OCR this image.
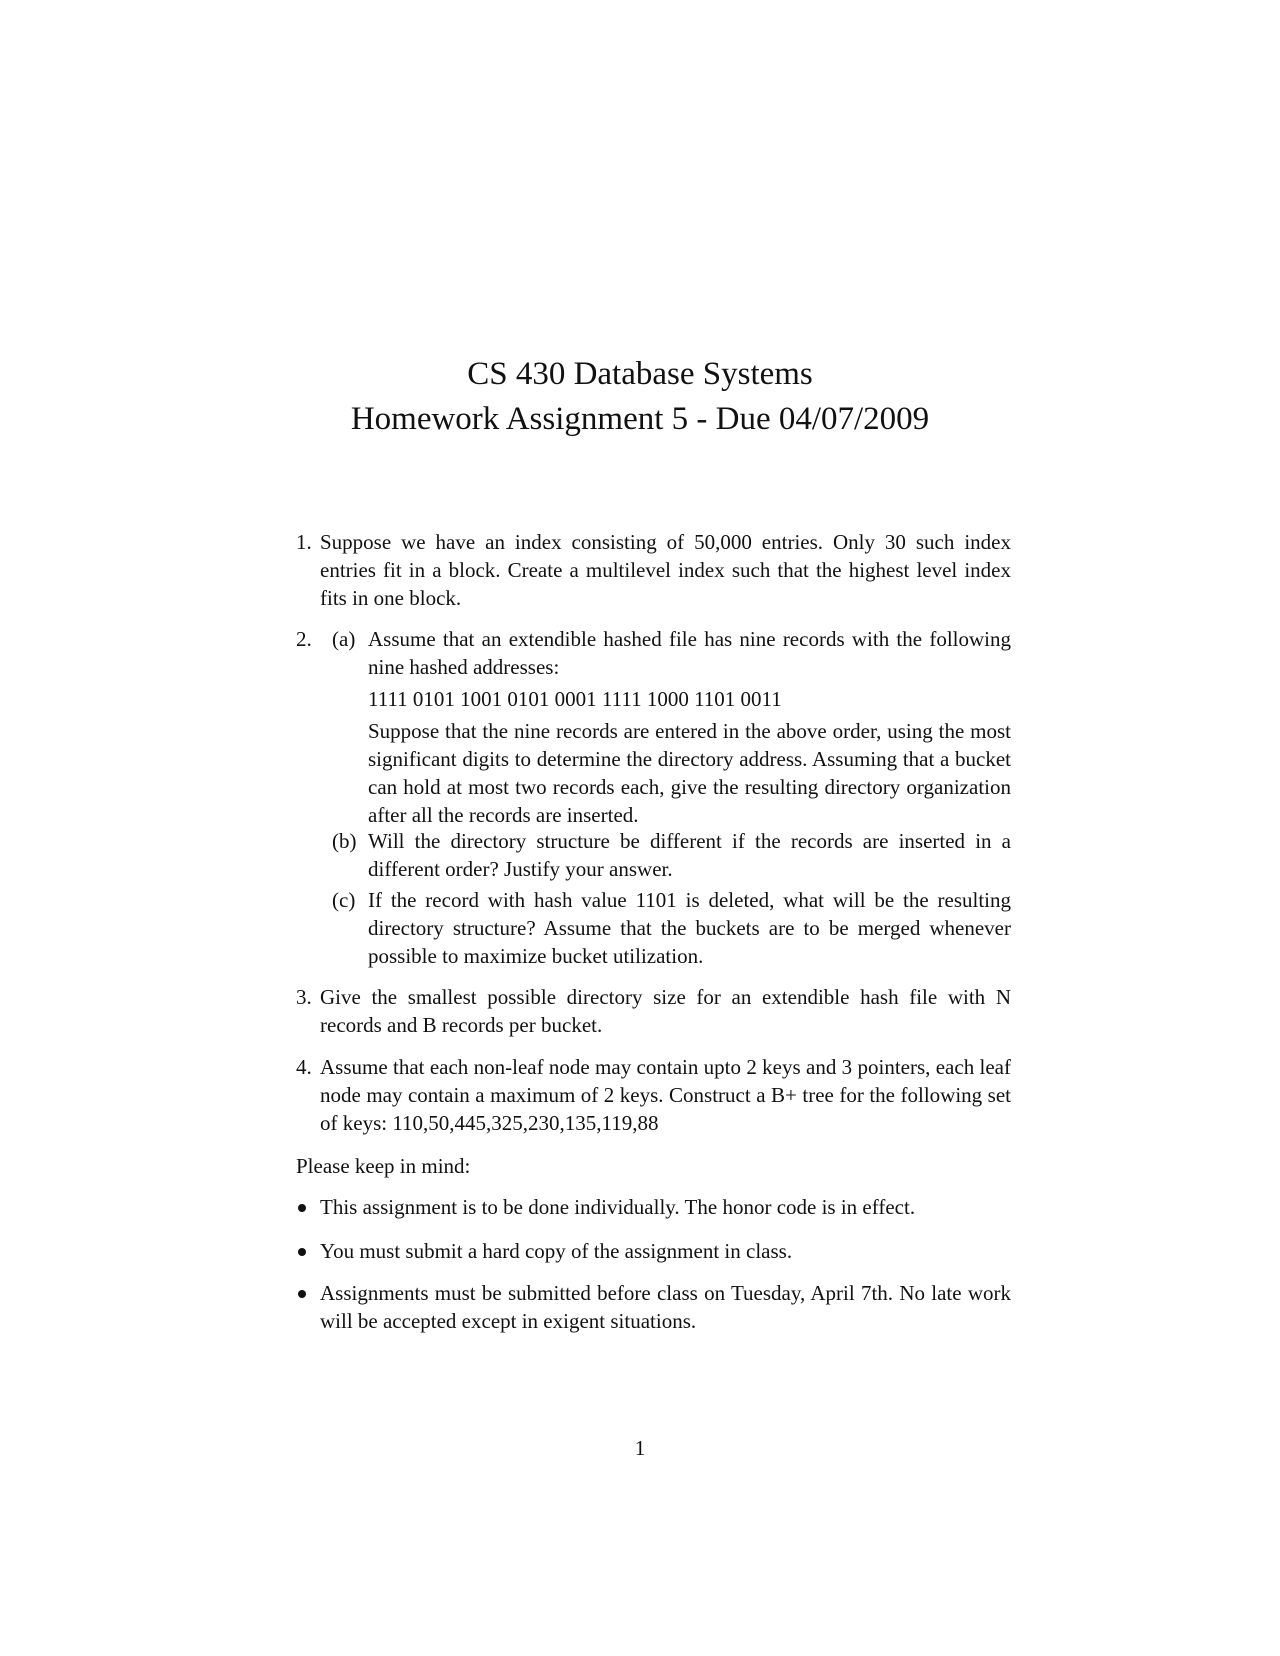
CS 430 Database Systems
Homework Assignment 5 - Due 04/07/2009
1. Suppose we have an index consisting of 50,000 entries. Only 30 such index entries fit in a block. Create a multilevel index such that the highest level index fits in one block.
2. (a) Assume that an extendible hashed file has nine records with the following nine hashed addresses:
1111 0101 1001 0101 0001 1111 1000 1101 0011
Suppose that the nine records are entered in the above order, using the most significant digits to determine the directory address. Assuming that a bucket can hold at most two records each, give the resulting directory organization after all the records are inserted.
(b) Will the directory structure be different if the records are inserted in a different order? Justify your answer.
(c) If the record with hash value 1101 is deleted, what will be the resulting directory structure? Assume that the buckets are to be merged whenever possible to maximize bucket utilization.
3. Give the smallest possible directory size for an extendible hash file with N records and B records per bucket.
4. Assume that each non-leaf node may contain upto 2 keys and 3 pointers, each leaf node may contain a maximum of 2 keys. Construct a B+ tree for the following set of keys: 110,50,445,325,230,135,119,88
Please keep in mind:
This assignment is to be done individually. The honor code is in effect.
You must submit a hard copy of the assignment in class.
Assignments must be submitted before class on Tuesday, April 7th. No late work will be accepted except in exigent situations.
1
